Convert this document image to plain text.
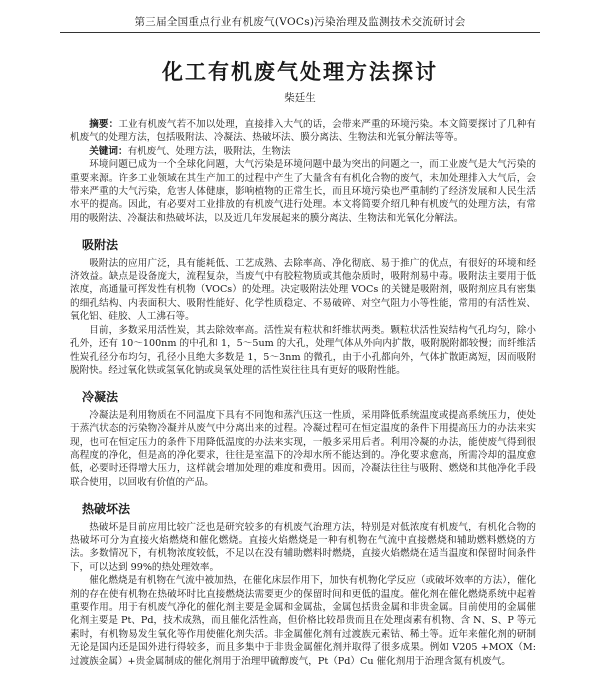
第三届全国重点行业有机废气(VOCs)污染治理及监测技术交流研讨会
化工有机废气处理方法探讨
柴廷生

摘要：工业有机废气若不加以处理，直接排入大气的话，会带来严重的环境污染。本文简要探讨了几种有机废气的处理方法，包括吸附法、冷凝法、热破坏法、膜分离法、生物法和光氧分解法等等。

关键词：有机废气、处理方法，吸附法，生物法

环境问题已成为一个全球化问题，大气污染是环境问题中最为突出的问题之一，而工业废气是大气污染的重要来源。许多工业领域在其生产加工的过程中产生了大量含有有机化合物的废气，未加处理排入大气后，会带来严重的大气污染，危害人体健康，影响植物的正常生长，而且环境污染也严重制约了经济发展和人民生活水平的提高。因此，有必要对工业排放的有机废气进行处理。本文将简要介绍几种有机废气的处理方法，有常用的吸附法、冷凝法和热破坏法，以及近几年发展起来的膜分离法、生物法和光氧化分解法。

吸附法

吸附法的应用广泛，具有能耗低、工艺成熟、去除率高、净化彻底、易于推广的优点，有很好的环境和经济效益。缺点是设备庞大，流程复杂，当废气中有胶粒物质或其他杂质时，吸附剂易中毒。吸附法主要用于低浓度，高通量可挥发性有机物（VOCs）的处理。决定吸附法处理 VOCs 的关键是吸附剂，吸附剂应具有密集的细孔结构、内表面积大、吸附性能好、化学性质稳定、不易破碎、对空气阻力小等性能，常用的有活性炭、氧化铝、硅胶、人工沸石等。

目前，多数采用活性炭，其去除效率高。活性炭有粒状和纤维状两类。颗粒状活性炭结构气孔均匀，除小孔外，还有 10～100nm 的中孔和 1，5～5um 的大孔，处理气体从外向内扩散，吸附脱附都较慢；而纤维活性炭孔径分布均匀，孔径小且绝大多数是 1，5～3nm 的微孔，由于小孔都向外，气体扩散距离短，因而吸附脱附快。经过氧化铁或氢氧化钠或臭氧处理的活性炭往往具有更好的吸附性能。

冷凝法

冷凝法是利用物质在不同温度下具有不同饱和蒸汽压这一性质，采用降低系统温度或提高系统压力，使处于蒸汽状态的污染物冷凝并从废气中分离出来的过程。冷凝过程可在恒定温度的条件下用提高压力的办法来实现，也可在恒定压力的条件下用降低温度的办法来实现，一般多采用后者。利用冷凝的办法，能使废气得到很高程度的净化，但是高的净化要求，往往是室温下的冷却水所不能达到的。净化要求愈高，所需冷却的温度愈低，必要时还得增大压力，这样就会增加处理的难度和费用。因而，冷凝法往往与吸附、燃烧和其他净化手段联合使用，以回收有价值的产品。

热破坏法

热破坏是目前应用比较广泛也是研究较多的有机废气治理方法，特别是对低浓度有机废气，有机化合物的热破坏可分为直接火焰燃烧和催化燃烧。直接火焰燃烧是一种有机物在气流中直接燃烧和辅助燃料燃烧的方法。多数情况下，有机物浓度较低，不足以在没有辅助燃料时燃烧，直接火焰燃烧在适当温度和保留时间条件下，可以达到 99%的热处理效率。

催化燃烧是有机物在气流中被加热，在催化床层作用下，加快有机物化学反应（或破坏效率的方法），催化剂的存在使有机物在热破坏时比直接燃烧法需要更少的保留时间和更低的温度。催化剂在催化燃烧系统中起着重要作用。用于有机废气净化的催化剂主要是金属和金属盐，金属包括贵金属和非贵金属。目前使用的金属催化剂主要是 Pt、Pd，技术成熟，而且催化活性高，但价格比较昂贵而且在处理卤素有机物、含 N、S、P 等元素时，有机物易发生氧化等作用使催化剂失活。非金属催化剂有过渡族元素钴、稀土等。近年来催化剂的研制无论是国内还是国外进行得较多，而且多集中于非贵金属催化剂并取得了很多成果。例如 V205 +MOX（M:过渡族金属）+贵金属制成的催化剂用于治理甲硫醇废气，Pt（Pd）Cu 催化剂用于治理含氮有机废气。
